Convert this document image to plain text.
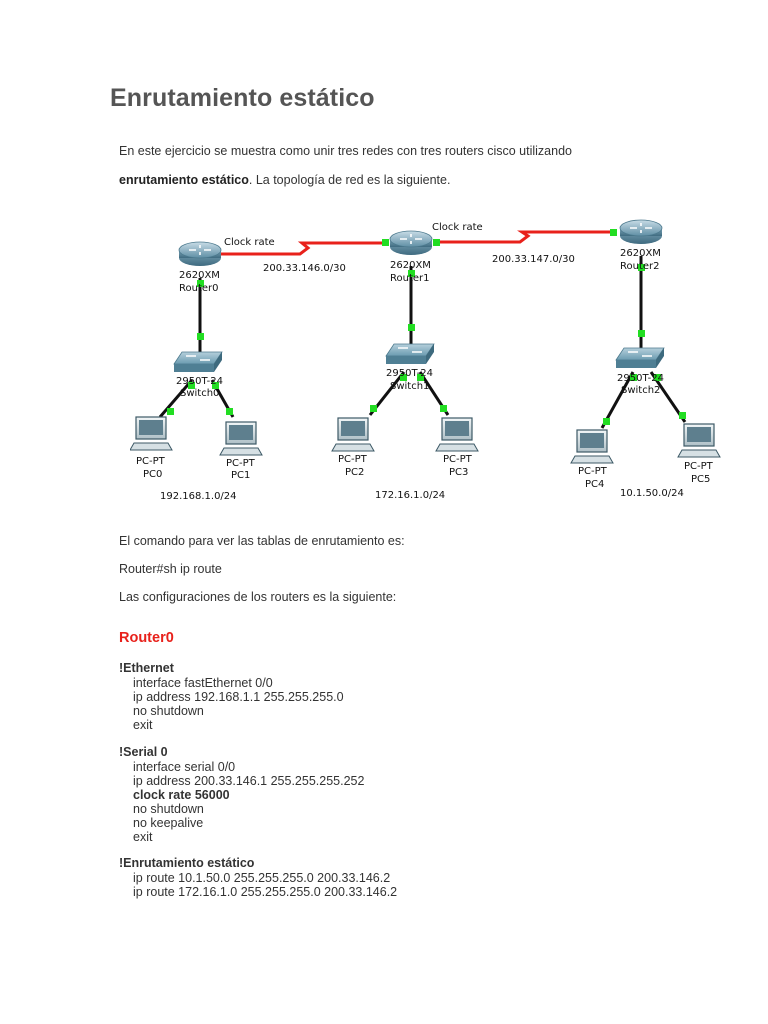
Enrutamiento estático

En este ejercicio se muestra como unir tres redes con tres routers cisco utilizando

enrutamiento estático. La topología de red es la siguiente.

Clock rate
Clock rate
200.33.146.0/30
200.33.147.0/30
2620XM
Router0
2620XM
Router1
2620XM
Router2
2950T-24
Switch0
2950T-24
Switch1
2950T-24
Switch2
PC-PT
PC0
PC-PT
PC1
PC-PT
PC2
PC-PT
PC3	PC-PT
PC4
PC-PT
PC5
192.168.1.0/24	172.16.1.0/24	10.1.50.0/24

El comando para ver las tablas de enrutamiento es:

Router#sh ip route

Las configuraciones de los routers es la siguiente:

Router0
!Ethernet
interface fastEthernet 0/0
ip address 192.168.1.1 255.255.255.0
no shutdown
exit
!Serial 0
interface serial 0/0
ip address 200.33.146.1 255.255.255.252
clock rate 56000
no shutdown
no keepalive
exit
!Enrutamiento estático
ip route 10.1.50.0 255.255.255.0 200.33.146.2
ip route 172.16.1.0 255.255.255.0 200.33.146.2
